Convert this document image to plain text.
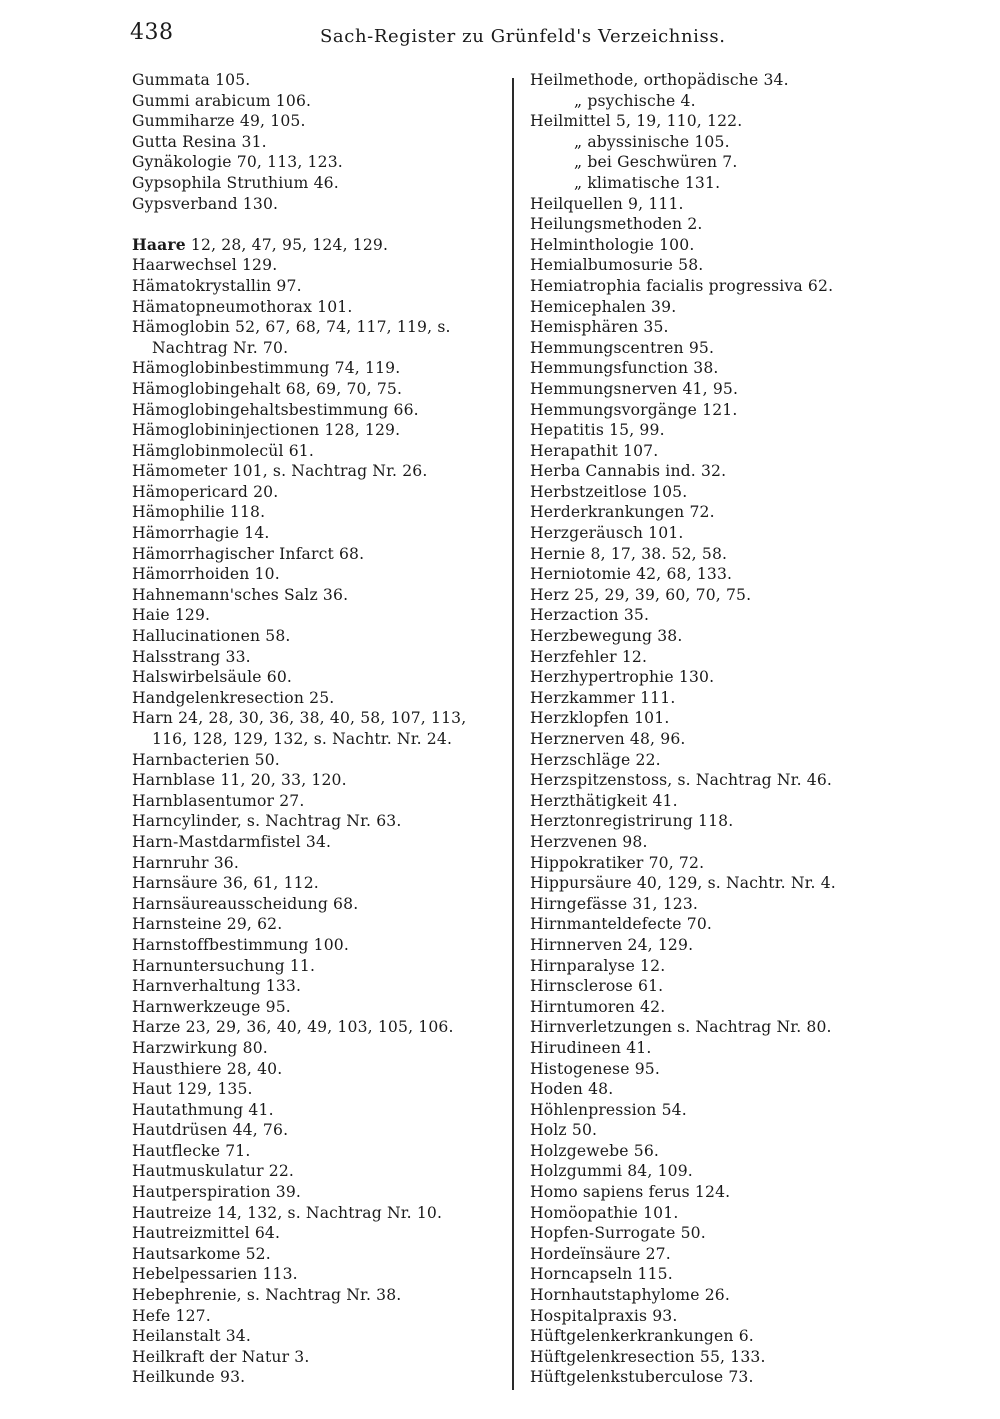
438	Sach-Register zu Grünfeld's Verzeichniss.
Gummata 105.
Gummi arabicum 106.
Gummiharze 49, 105.
Gutta Resina 31.
Gynäkologie 70, 113, 123.
Gypsophila Struthium 46.
Gypsverband 130.
Haare 12, 28, 47, 95, 124, 129.
Haarwechsel 129.
Hämatokrystallin 97.
Hämatopneumothorax 101.
Hämoglobin 52, 67, 68, 74, 117, 119, s.
Nachtrag Nr. 70.
Hämoglobinbestimmung 74, 119.
Hämoglobingehalt 68, 69, 70, 75.
Hämoglobingehaltsbestimmung 66.
Hämoglobininjectionen 128, 129.
Hämglobinmolecül 61.
Hämometer 101, s. Nachtrag Nr. 26.
Hämopericard 20.
Hämophilie 118.
Hämorrhagie 14.
Hämorrhagischer Infarct 68.
Hämorrhoiden 10.
Hahnemann'sches Salz 36.
Haie 129.
Hallucinationen 58.
Halsstrang 33.
Halswirbelsäule 60.
Handgelenkresection 25.
Harn 24, 28, 30, 36, 38, 40, 58, 107, 113,
116, 128, 129, 132, s. Nachtr. Nr. 24.
Harnbacterien 50.
Harnblase 11, 20, 33, 120.
Harnblasentumor 27.
Harncylinder, s. Nachtrag Nr. 63.
Harn-Mastdarmfistel 34.
Harnruhr 36.
Harnsäure 36, 61, 112.
Harnsäureausscheidung 68.
Harnsteine 29, 62.
Harnstoffbestimmung 100.
Harnuntersuchung 11.
Harnverhaltung 133.
Harnwerkzeuge 95.
Harze 23, 29, 36, 40, 49, 103, 105, 106.
Harzwirkung 80.
Hausthiere 28, 40.
Haut 129, 135.
Hautathmung 41.
Hautdrüsen 44, 76.
Hautflecke 71.
Hautmuskulatur 22.
Hautperspiration 39.
Hautreize 14, 132, s. Nachtrag Nr. 10.
Hautreizmittel 64.
Hautsarkome 52.
Hebelpessarien 113.
Hebephrenie, s. Nachtrag Nr. 38.
Hefe 127.
Heilanstalt 34.
Heilkraft der Natur 3.
Heilkunde 93.
Heilmethode, orthopädische 34.
„ psychische 4.
Heilmittel 5, 19, 110, 122.
„ abyssinische 105.
„ bei Geschwüren 7.
„ klimatische 131.
Heilquellen 9, 111.
Heilungsmethoden 2.
Helminthologie 100.
Hemialbumosurie 58.
Hemiatrophia facialis progressiva 62.
Hemicephalen 39.
Hemisphären 35.
Hemmungscentren 95.
Hemmungsfunction 38.
Hemmungsnerven 41, 95.
Hemmungsvorgänge 121.
Hepatitis 15, 99.
Herapathit 107.
Herba Cannabis ind. 32.
Herbstzeitlose 105.
Herderkrankungen 72.
Herzgeräusch 101.
Hernie 8, 17, 38. 52, 58.
Herniotomie 42, 68, 133.
Herz 25, 29, 39, 60, 70, 75.
Herzaction 35.
Herzbewegung 38.
Herzfehler 12.
Herzhypertrophie 130.
Herzkammer 111.
Herzklopfen 101.
Herznerven 48, 96.
Herzschläge 22.
Herzspitzenstoss, s. Nachtrag Nr. 46.
Herzthätigkeit 41.
Herztonregistrirung 118.
Herzvenen 98.
Hippokratiker 70, 72.
Hippursäure 40, 129, s. Nachtr. Nr. 4.
Hirngefässe 31, 123.
Hirnmanteldefecte 70.
Hirnnerven 24, 129.
Hirnparalyse 12.
Hirnsclerose 61.
Hirntumoren 42.
Hirnverletzungen s. Nachtrag Nr. 80.
Hirudineen 41.
Histogenese 95.
Hoden 48.
Höhlenpression 54.
Holz 50.
Holzgewebe 56.
Holzgummi 84, 109.
Homo sapiens ferus 124.
Homöopathie 101.
Hopfen-Surrogate 50.
Hordeïnsäure 27.
Horncapseln 115.
Hornhautstaphylome 26.
Hospitalpraxis 93.
Hüftgelenkerkrankungen 6.
Hüftgelenkresection 55, 133.
Hüftgelenkstuberculose 73.
